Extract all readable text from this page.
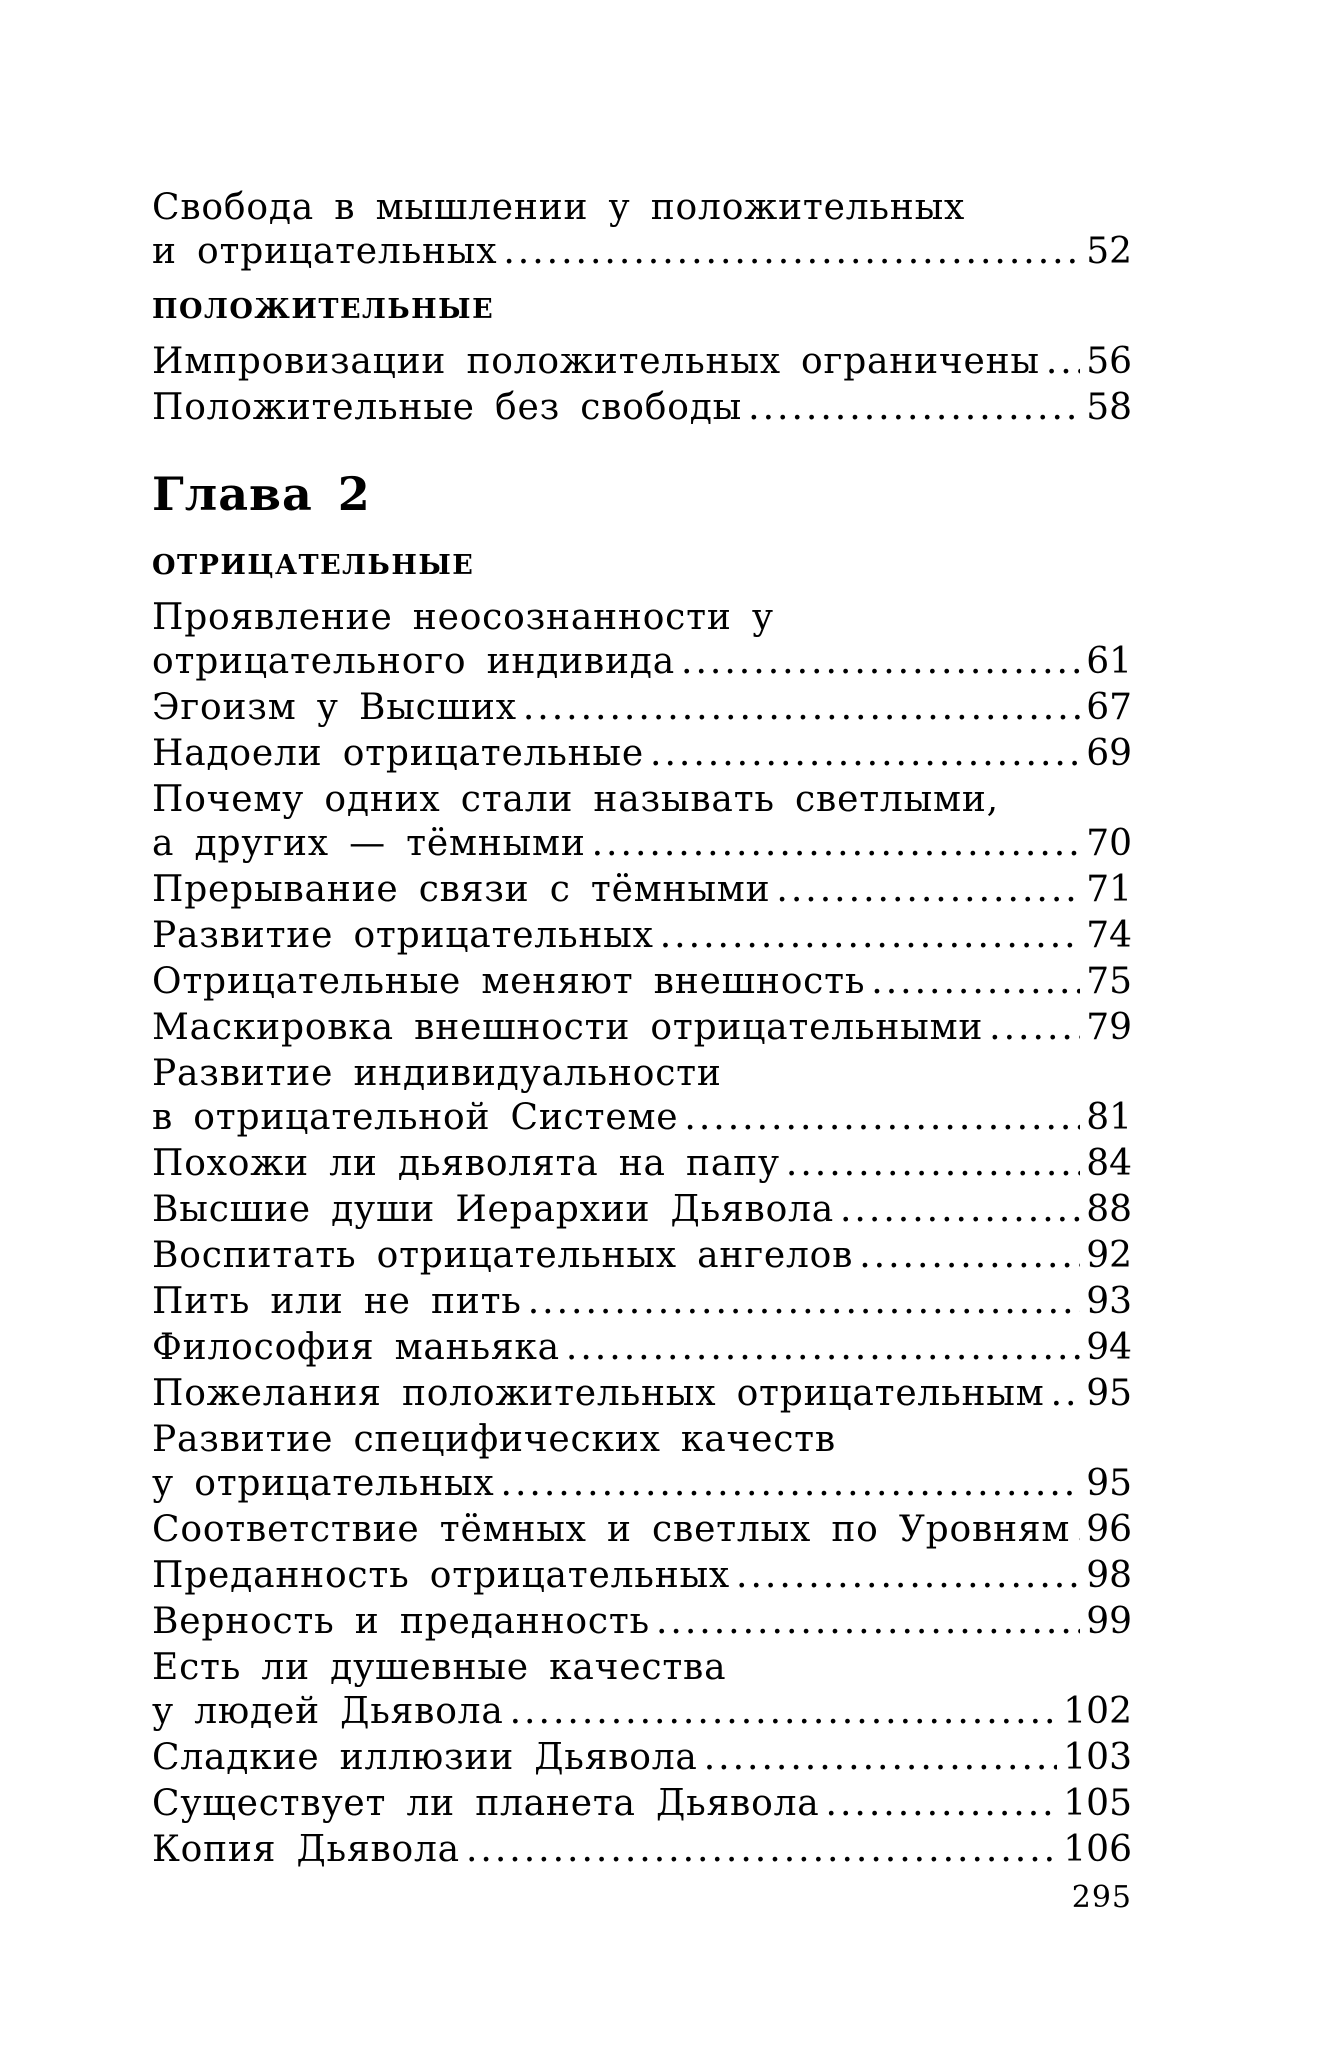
Свобода в мышлении у положительных
и отрицательных .....	52
ПОЛОЖИТЕЛЬНЫЕ
Импровизации положительных ограничены ..... 56
Положительные без свободы .....	58
Глава 2
ОТРИЦАТЕЛЬНЫЕ
Проявление неосознанности у
отрицательного индивида .....	61
Эгоизм у Высших .....	67
Надоели отрицательные .....	69
Почему одних стали называть светлыми,
а других — тёмными .....	70
Прерывание связи с тёмными .....	71
Развитие отрицательных .....	74
Отрицательные меняют внешность .....	75
Маскировка внешности отрицательными .....	79
Развитие индивидуальности
в отрицательной Системе .....	81
Похожи ли дьяволята на папу .....	84
Высшие души Иерархии Дьявола .....	88
Воспитать отрицательных ангелов .....	92
Пить или не пить .....	93
Философия маньяка .....	94
Пожелания положительных отрицательным ..... 95
Развитие специфических качеств
у отрицательных .....	95
Соответствие тёмных и светлых по Уровням ..... 96
Преданность отрицательных .....	98
Верность и преданность .....	99
Есть ли душевные качества
у людей Дьявола .....	102
Сладкие иллюзии Дьявола .....	103
Существует ли планета Дьявола .....	105
Копия Дьявола .....	106
295
